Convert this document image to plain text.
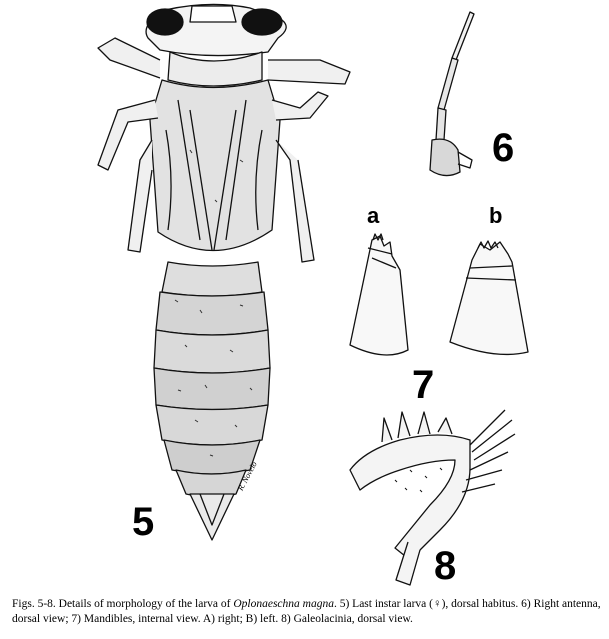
5
6
7
8
a	b
R. Novelo
Figs. 5-8. Details of morphology of the larva of Oplonaeschna magna. 5) Last instar larva (♀), dorsal habitus. 6) Right antenna, dorsal view; 7) Mandibles, internal view. A) right; B) left. 8) Galeolacinia, dorsal view.
